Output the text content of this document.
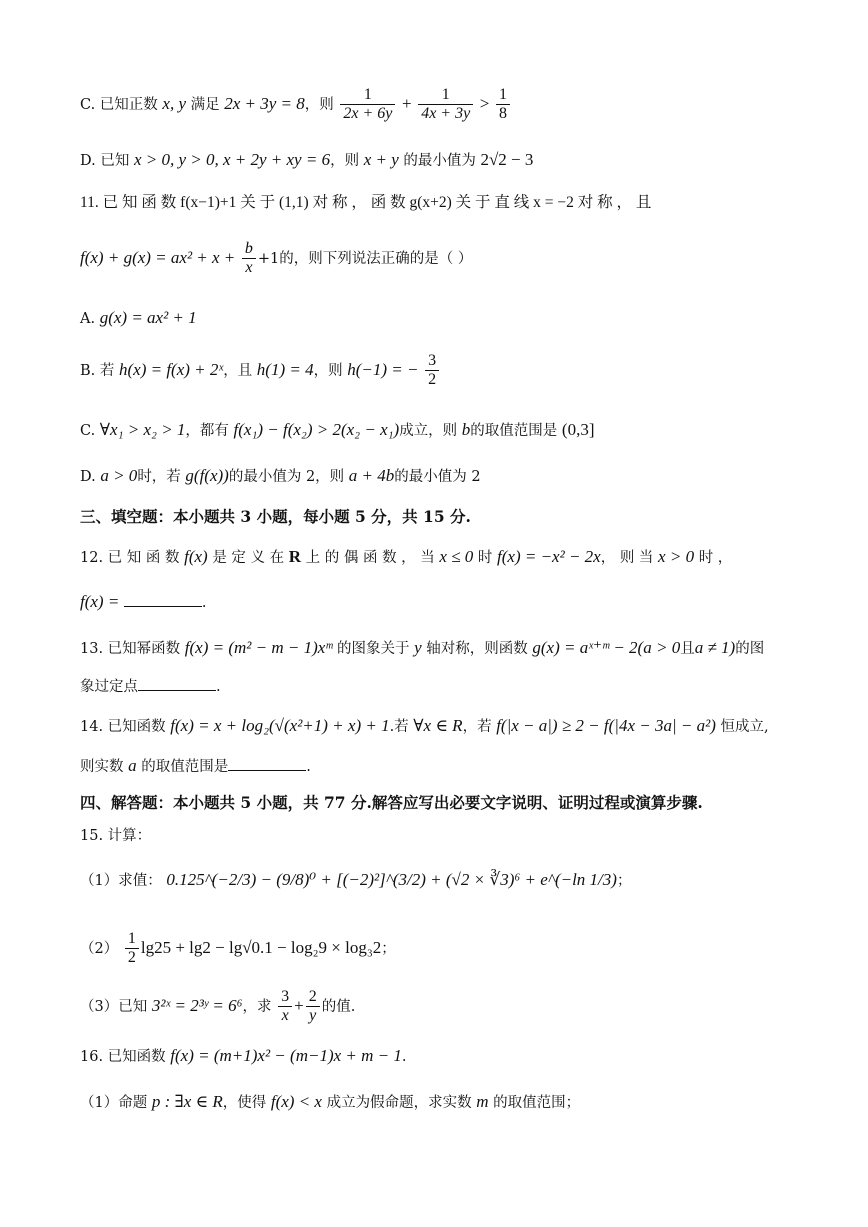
C. 已知正数 x, y 满足 2x + 3y = 8，则 $\frac{1}{2x + 6y} + \frac{1}{4x + 3y} > \frac{1}{8}$
D. 已知 x > 0, y > 0, x + 2y + xy = 6，则 x + y 的最小值为 2√2 − 3
11. 已 知 函 数 f(x−1)+1 关 于 (1,1) 对 称 ， 函 数 g(x+2) 关 于 直 线 x = −2 对 称 ， 且
$f(x) + g(x) = ax^2 + x + \frac{b}{x} +1$的，则下列说法正确的是（ ）
A. g(x) = ax² + 1
B. 若 h(x) = f(x) + 2ˣ，且 h(1) = 4，则 h(−1) = − $\frac{3}{2}$
C. ∀x₁ > x₂ > 1，都有 f(x₁) − f(x₂) > 2(x₂ − x₁)成立，则 b的取值范围是 (0,3]
D. a > 0时，若 g(f(x))的最小值为 2，则 a + 4b的最小值为 2
三、填空题：本小题共 3 小题，每小题 5 分，共 15 分.
12. 已 知 函 数 f(x) 是 定 义 在 R 上 的 偶 函 数 ， 当 x ≤ 0 时 f(x) = −x² − 2x， 则 当 x > 0 时 ，
f(x) =	.
13. 已知幂函数 f(x) = (m² − m − 1)xᵐ 的图象关于 y 轴对称，则函数 g(x) = aˣ⁺ᵐ − 2(a > 0且a ≠ 1)的图
象过定点	.
14. 已知函数 f(x) = x + log₂(√(x²+1) + x) + 1.若 ∀x ∈ R，若 f(|x − a|) ≥ 2 − f(|4x − 3a| − a²) 恒成立,
则实数 a 的取值范围是	.
四、解答题：本小题共 5 小题，共 77 分.解答应写出必要文字说明、证明过程或演算步骤.
15. 计算：
（1）求值： 0.125^(−2/3) − (9/8)⁰ + [(−2)²]^(3/2) + (√2 × ∛3)⁶ + e^(−ln 1/3)；
$(2) \frac{1}{2} \lg 25 + \lg 2 - \lg√0.1 - \log_29 \times \log_32$；
（3）已知 3²ˣ = 2³ʸ = 6⁶，求 $\frac{3}{x} + \frac{2}{y}$ 的值.
16. 已知函数 f(x) = (m+1)x² − (m−1)x + m − 1.
（1）命题 p : ∃x ∈ R，使得 f(x) < x 成立为假命题，求实数 m 的取值范围；
